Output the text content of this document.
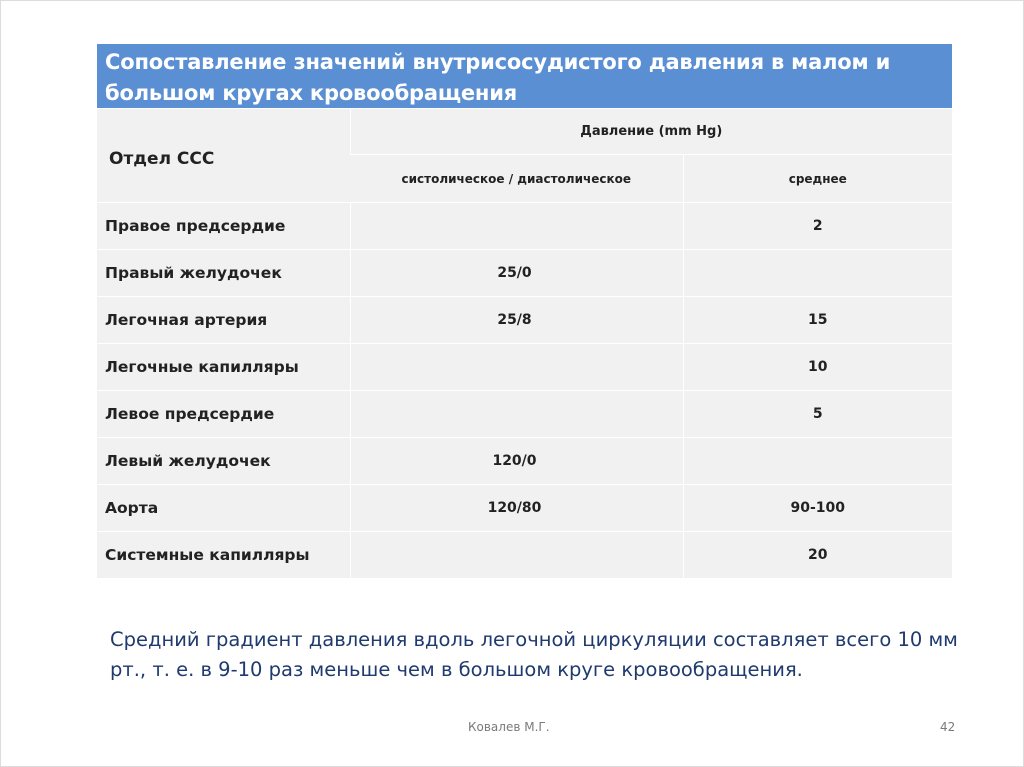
Сопоставление значений внутрисосудистого давления в малом и большом кругах кровообращения
Отдел ССС	Давление (mm Hg)	
	систолическое / диастолическое	среднее
Правое предсердие		2
Правый желудочек	25/0	
Легочная артерия	25/8	15
Легочные капилляры		10
Левое предсердие		5
Левый желудочек	120/0	
Аорта	120/80	90-100
Системные капилляры		20
Средний градиент давления вдоль легочной циркуляции составляет всего 10 мм рт., т. е. в 9-10 раз меньше чем в большом круге кровообращения.
Ковалев М.Г.	42
